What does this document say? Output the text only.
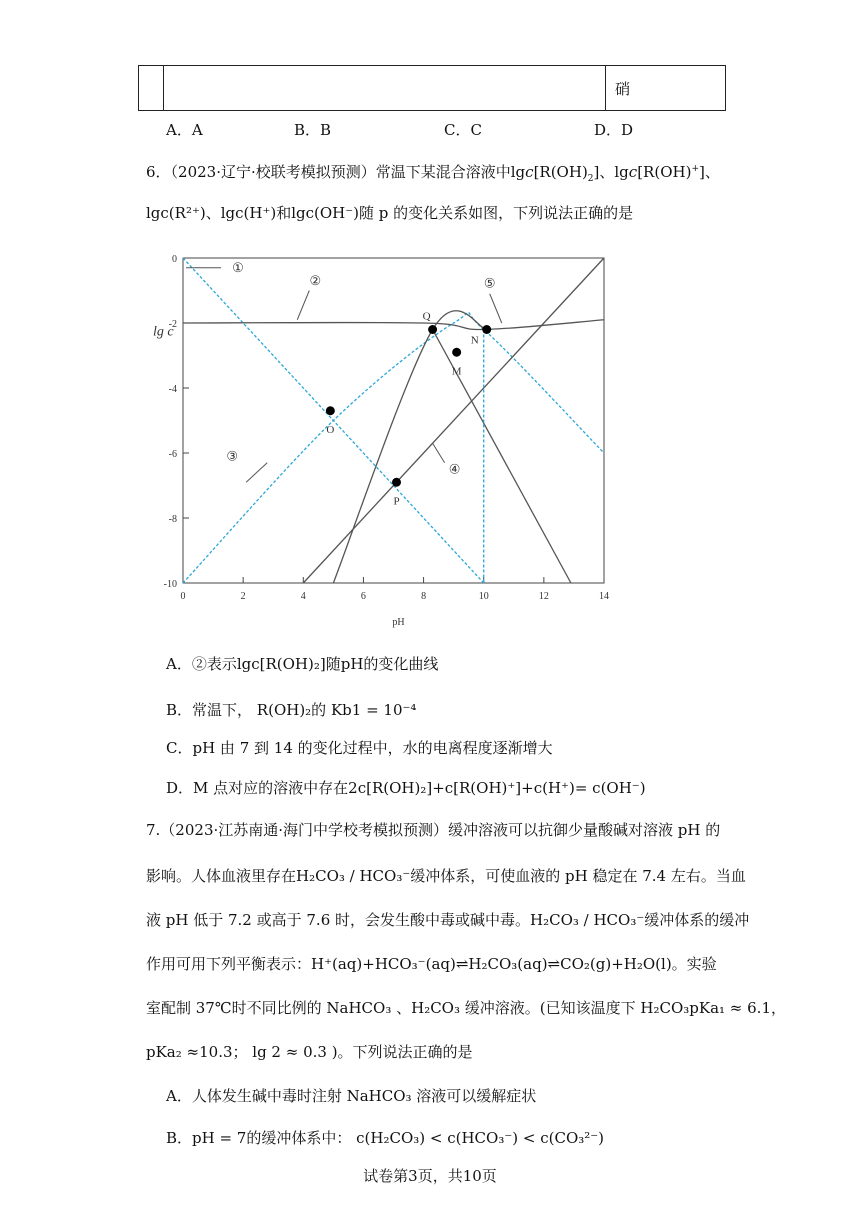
硝
A．A	B．B	C．C	D．D
6．（2023·辽宁·校联考模拟预测）常温下某混合溶液中$\lg c[R(OH)_2]$、lgc[R(OH)+]、
lgc(R²⁺)、lgc(H⁺)和lgc(OH⁻)随 p 的变化关系如图，下列说法正确的是
0	2	4	6	8	10	12	14
0
-2
-4
-6
-8
-10
pH
lg c
①
②
③
④
⑤
Q
M
N
O
P
A．②表示lgc[R(OH)₂]随pH的变化曲线
B．常温下， R(OH)₂的 Kb1 = 10⁻⁴
C．pH 由 7 到 14 的变化过程中，水的电离程度逐渐增大
D．M 点对应的溶液中存在2c[R(OH)₂]+c[R(OH)⁺]+c(H⁺)= c(OH⁻)
7.（2023·江苏南通·海门中学校考模拟预测）缓冲溶液可以抗御少量酸碱对溶液 pH 的
影响。人体血液里存在H₂CO₃ / HCO₃⁻缓冲体系，可使血液的 pH 稳定在 7.4 左右。当血
液 pH 低于 7.2 或高于 7.6 时，会发生酸中毒或碱中毒。H₂CO₃ / HCO₃⁻缓冲体系的缓冲
作用可用下列平衡表示：H⁺(aq)+HCO₃⁻(aq)⇌H₂CO₃(aq)⇌CO₂(g)+H₂O(l)。实验
室配制 37℃时不同比例的 NaHCO₃ 、H₂CO₃ 缓冲溶液。(已知该温度下 H₂CO₃pKa₁ ≈ 6.1，
pKa₂ ≈10.3； lg 2 ≈ 0.3 )。下列说法正确的是
A．人体发生碱中毒时注射 NaHCO₃ 溶液可以缓解症状
B．pH = 7的缓冲体系中： c(H₂CO₃) < c(HCO₃⁻) < c(CO₃²⁻)
试卷第3页，共10页
